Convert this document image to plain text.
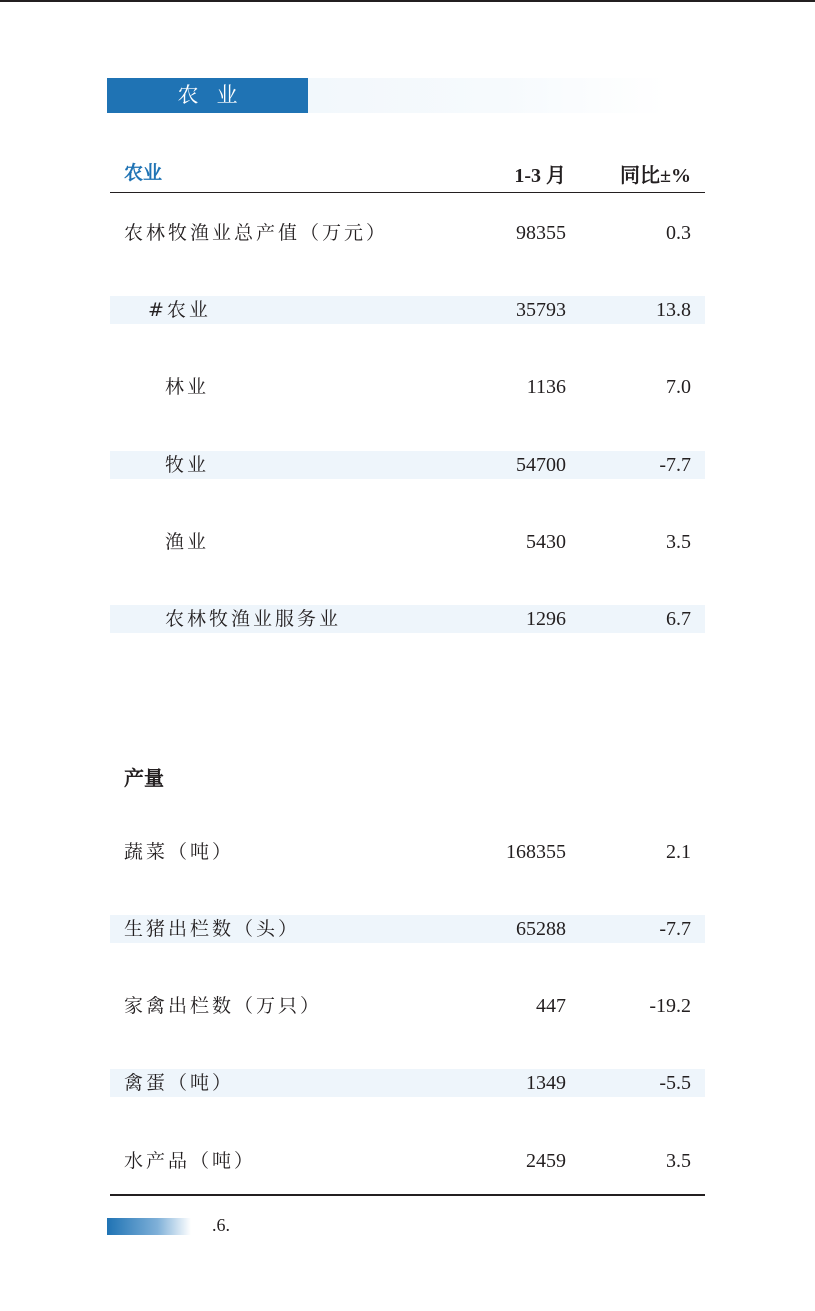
农业
农业	1-3 月	同比±%
农林牧渔业总产值（万元）	98355	0.3
#农业	35793	13.8
林业	1136	7.0
牧业	54700	-7.7
渔业	5430	3.5
农林牧渔业服务业	1296	6.7
产量
蔬菜（吨）	168355	2.1
生猪出栏数（头）	65288	-7.7
家禽出栏数（万只）	447	-19.2
禽蛋（吨）	1349	-5.5
水产品（吨）	2459	3.5
.6.
